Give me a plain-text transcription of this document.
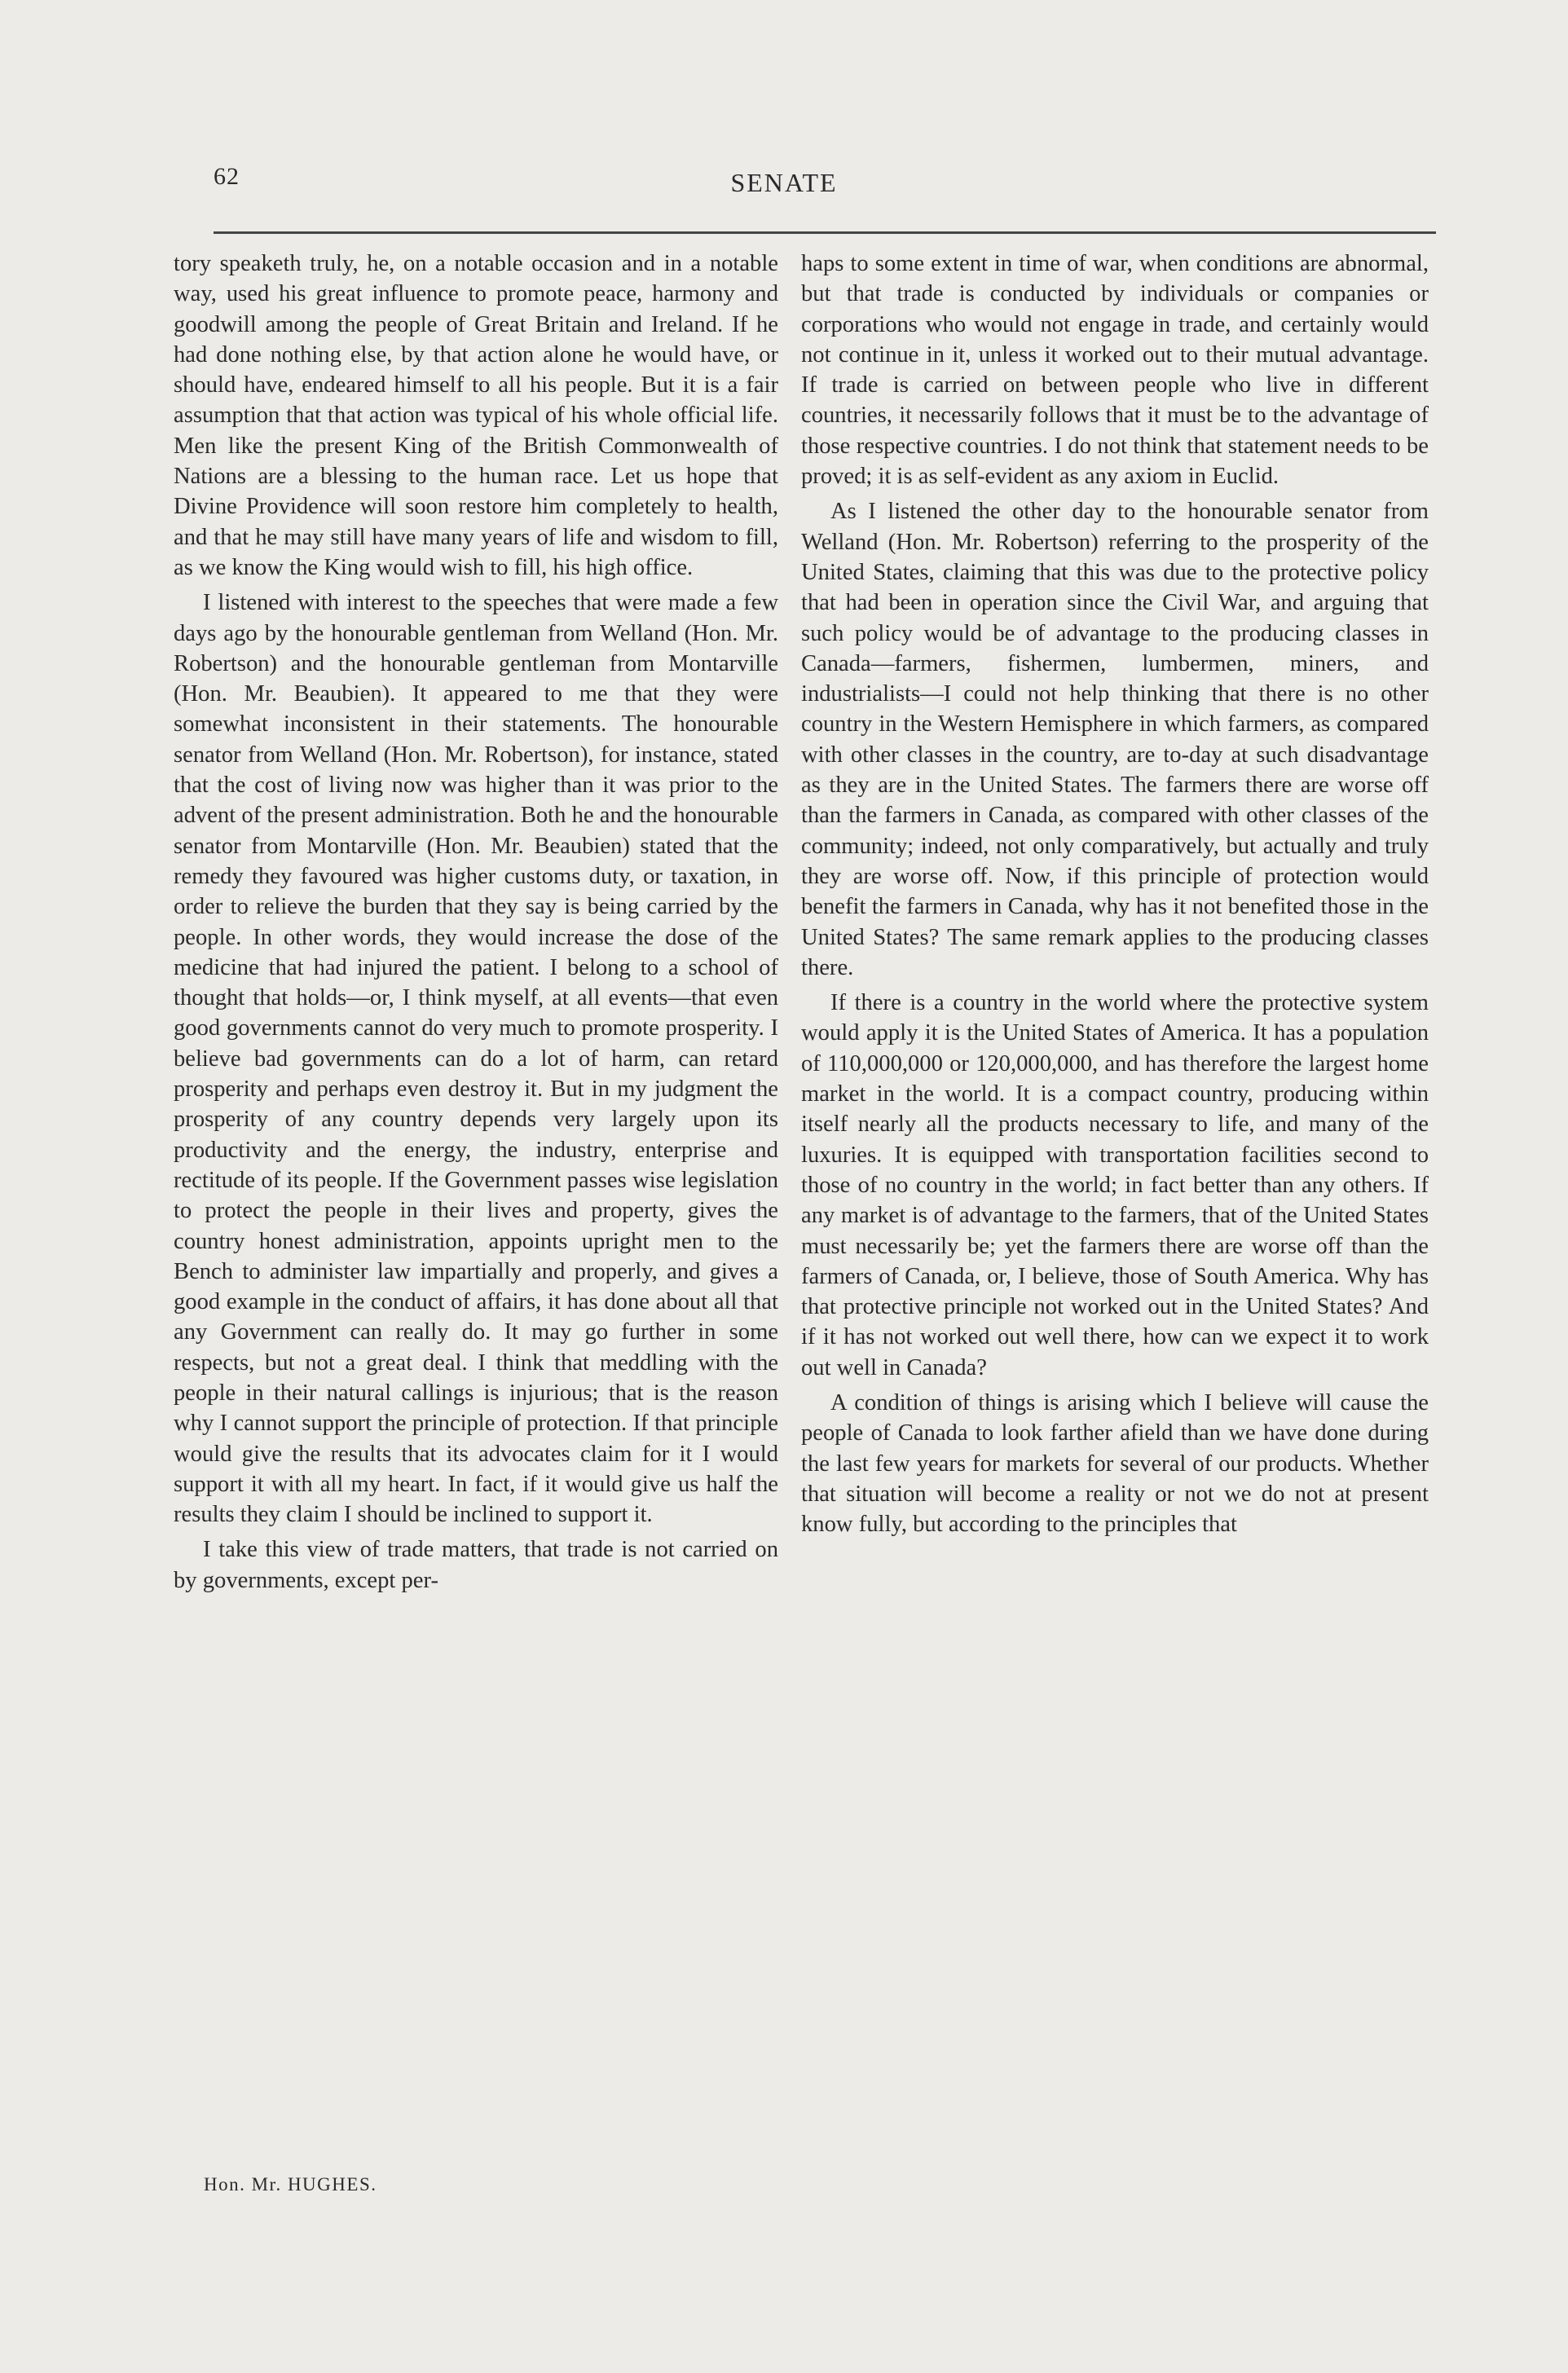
62	SENATE

tory speaketh truly, he, on a notable occasion and in a notable way, used his great influence to promote peace, harmony and goodwill among the people of Great Britain and Ireland. If he had done nothing else, by that action alone he would have, or should have, endeared himself to all his people. But it is a fair assumption that that action was typical of his whole official life. Men like the present King of the British Commonwealth of Nations are a blessing to the human race. Let us hope that Divine Providence will soon restore him completely to health, and that he may still have many years of life and wisdom to fill, as we know the King would wish to fill, his high office.

I listened with interest to the speeches that were made a few days ago by the honourable gentleman from Welland (Hon. Mr. Robertson) and the honourable gentleman from Montarville (Hon. Mr. Beaubien). It appeared to me that they were somewhat inconsistent in their statements. The honourable senator from Welland (Hon. Mr. Robertson), for instance, stated that the cost of living now was higher than it was prior to the advent of the present administration. Both he and the honourable senator from Montarville (Hon. Mr. Beaubien) stated that the remedy they favoured was higher customs duty, or taxation, in order to relieve the burden that they say is being carried by the people. In other words, they would increase the dose of the medicine that had injured the patient. I belong to a school of thought that holds—or, I think myself, at all events—that even good governments cannot do very much to promote prosperity. I believe bad governments can do a lot of harm, can retard prosperity and perhaps even destroy it. But in my judgment the prosperity of any country depends very largely upon its productivity and the energy, the industry, enterprise and rectitude of its people. If the Government passes wise legislation to protect the people in their lives and property, gives the country honest administration, appoints upright men to the Bench to administer law impartially and properly, and gives a good example in the conduct of affairs, it has done about all that any Government can really do. It may go further in some respects, but not a great deal. I think that meddling with the people in their natural callings is injurious; that is the reason why I cannot support the principle of protection. If that principle would give the results that its advocates claim for it I would support it with all my heart. In fact, if it would give us half the results they claim I should be inclined to support it.

I take this view of trade matters, that trade is not carried on by governments, except per-

haps to some extent in time of war, when conditions are abnormal, but that trade is conducted by individuals or companies or corporations who would not engage in trade, and certainly would not continue in it, unless it worked out to their mutual advantage. If trade is carried on between people who live in different countries, it necessarily follows that it must be to the advantage of those respective countries. I do not think that statement needs to be proved; it is as self-evident as any axiom in Euclid.

As I listened the other day to the honourable senator from Welland (Hon. Mr. Robertson) referring to the prosperity of the United States, claiming that this was due to the protective policy that had been in operation since the Civil War, and arguing that such policy would be of advantage to the producing classes in Canada—farmers, fishermen, lumbermen, miners, and industrialists—I could not help thinking that there is no other country in the Western Hemisphere in which farmers, as compared with other classes in the country, are to-day at such disadvantage as they are in the United States. The farmers there are worse off than the farmers in Canada, as compared with other classes of the community; indeed, not only comparatively, but actually and truly they are worse off. Now, if this principle of protection would benefit the farmers in Canada, why has it not benefited those in the United States? The same remark applies to the producing classes there.

If there is a country in the world where the protective system would apply it is the United States of America. It has a population of 110,000,000 or 120,000,000, and has therefore the largest home market in the world. It is a compact country, producing within itself nearly all the products necessary to life, and many of the luxuries. It is equipped with transportation facilities second to those of no country in the world; in fact better than any others. If any market is of advantage to the farmers, that of the United States must necessarily be; yet the farmers there are worse off than the farmers of Canada, or, I believe, those of South America. Why has that protective principle not worked out in the United States? And if it has not worked out well there, how can we expect it to work out well in Canada?

A condition of things is arising which I believe will cause the people of Canada to look farther afield than we have done during the last few years for markets for several of our products. Whether that situation will become a reality or not we do not at present know fully, but according to the principles that

Hon. Mr. HUGHES.
